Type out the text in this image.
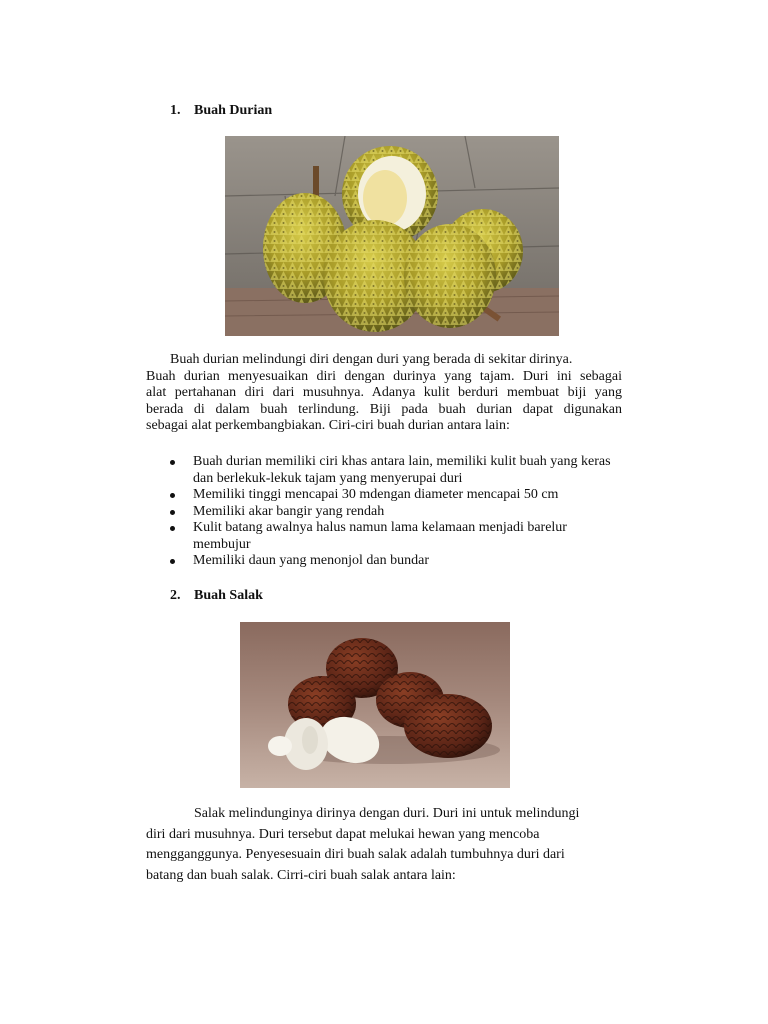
1. Buah Durian
Buah durian melindungi diri dengan duri yang berada di sekitar dirinya.
Buah durian menyesuaikan diri dengan durinya yang tajam. Duri ini sebagai
alat pertahanan diri dari musuhnya. Adanya kulit berduri membuat biji yang
berada di dalam buah terlindung. Biji pada buah durian dapat digunakan
sebagai alat perkembangbiakan. Ciri-ciri buah durian antara lain:
Buah durian memiliki ciri khas antara lain, memiliki kulit buah yang keras dan berlekuk-lekuk tajam yang menyerupai duri
Memiliki tinggi mencapai 30 mdengan diameter mencapai 50 cm
Memiliki akar bangir yang rendah
Kulit batang awalnya halus namun lama kelamaan menjadi barelur membujur
Memiliki daun yang menonjol dan bundar
2. Buah Salak
Salak melindunginya dirinya dengan duri. Duri ini untuk melindungi
diri dari musuhnya. Duri tersebut dapat melukai hewan yang mencoba
mengganggunya. Penyesesuain diri buah salak adalah tumbuhnya duri dari
batang dan buah salak. Cirri-ciri buah salak antara lain:
